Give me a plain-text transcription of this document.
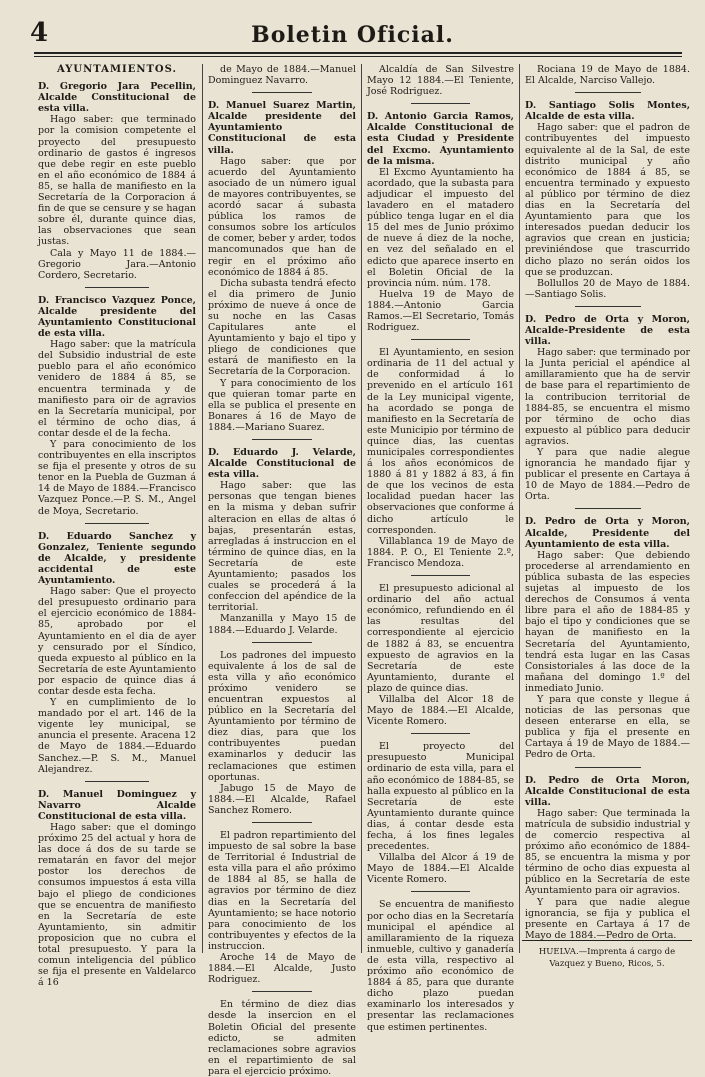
4	Boletin Oficial.
AYUNTAMIENTOS.

D. Gregorio Jara Pecellin, Alcalde Constitucional de esta villa.

Hago saber: que terminado por la comision competente el proyecto del presupuesto ordinario de gastos é ingresos que debe regir en este pueblo en el año económico de 1884 á 85, se halla de manifiesto en la Secretaría de la Corporacion á fin de que se censure y se hagan sobre él, durante quince dias, las observaciones que sean justas.

Cala y Mayo 11 de 1884.—Gregorio Jara.—Antonio Cordero, Secretario.

D. Francisco Vazquez Ponce, Alcalde presidente del Ayuntamiento Constitucional de esta villa.

Hago saber: que la matrícula del Subsidio industrial de este pueblo para el año económico venidero de 1884 á 85, se encuentra terminada y de manifiesto para oir de agravios en la Secretaría municipal, por el término de ocho dias, á contar desde el de la fecha.

Y para conocimiento de los contribuyentes en ella inscriptos se fija el presente y otros de su tenor en la Puebla de Guzman á 14 de Mayo de 1884.—Francisco Vazquez Ponce.—P. S. M., Angel de Moya, Secretario.

D. Eduardo Sanchez y Gonzalez, Teniente segundo de Alcalde, y presidente accidental de este Ayuntamiento.

Hago saber: Que el proyecto del presupuesto ordinario para el ejercicio económico de 1884-85, aprobado por el Ayuntamiento en el dia de ayer y censurado por el Síndico, queda expuesto al público en la Secretaría de este Ayuntamiento por espacio de quince dias á contar desde esta fecha.

Y en cumplimiento de lo mandado por el art. 146 de la vigente ley municipal, se anuncia el presente. Aracena 12 de Mayo de 1884.—Eduardo Sanchez.—P. S. M., Manuel Alejandrez.

D. Manuel Dominguez y Navarro Alcalde Constitucional de esta villa.

Hago saber: que el domingo próximo 25 del actual y hora de las doce á dos de su tarde se rematarán en favor del mejor postor los derechos de consumos impuestos á esta villa bajo el pliego de condiciones que se encuentra de manifiesto en la Secretaría de este Ayuntamiento, sin admitir proposicion que no cubra el total presupuesto. Y para la comun inteligencia del público se fija el presente en Valdelarco á 16

de Mayo de 1884.—Manuel Dominguez Navarro.

D. Manuel Suarez Martin, Alcalde presidente del Ayuntamiento Constitucional de esta villa.

Hago saber: que por acuerdo del Ayuntamiento asociado de un número igual de mayores contribuyentes, se acordó sacar á subasta pública los ramos de consumos sobre los artículos de comer, beber y arder, todos mancomunados que han de regir en el próximo año económico de 1884 á 85.

Dicha subasta tendrá efecto el dia primero de Junio próximo de nueve á once de su noche en las Casas Capitulares ante el Ayuntamiento y bajo el tipo y pliego de condiciones que estará de manifiesto en la Secretaría de la Corporacion.

Y para conocimiento de los que quieran tomar parte en ella se publica el presente en Bonares á 16 de Mayo de 1884.—Mariano Suarez.

D. Eduardo J. Velarde, Alcalde Constitucional de esta villa.

Hago saber: que las personas que tengan bienes en la misma y deban sufrir alteracion en ellas de altas ó bajas, presentarán estas, arregladas á instruccion en el término de quince dias, en la Secretaría de este Ayuntamiento; pasados los cuales se procederá á la confeccion del apéndice de la territorial.

Manzanilla y Mayo 15 de 1884.—Eduardo J. Velarde.

Los padrones del impuesto equivalente á los de sal de esta villa y año económico próximo venidero se encuentran expuestos al público en la Secretaría del Ayuntamiento por término de diez dias, para que los contribuyentes puedan examinarlos y deducir las reclamaciones que estimen oportunas.

Jabugo 15 de Mayo de 1884.—El Alcalde, Rafael Sanchez Romero.

El padron repartimiento del impuesto de sal sobre la base de Territorial é Industrial de esta villa para el año próximo de 1884 al 85, se halla de agravios por término de diez dias en la Secretaría del Ayuntamiento; se hace notorio para conocimiento de los contribuyentes y efectos de la instruccion.

Aroche 14 de Mayo de 1884.—El Alcalde, Justo Rodriguez.

En término de diez dias desde la insercion en el Boletin Oficial del presente edicto, se admiten reclamaciones sobre agravios en el repartimiento de sal para el ejercicio próximo.

Alcaldía de San Silvestre Mayo 12 1884.—El Teniente, José Rodriguez.

D. Antonio Garcia Ramos, Alcalde Constitucional de esta Ciudad y Presidente del Excmo. Ayuntamiento de la misma.

El Excmo Ayuntamiento ha acordado, que la subasta para adjudicar el impuesto del lavadero en el matadero público tenga lugar en el dia 15 del mes de Junio próximo de nueve á diez de la noche, en vez del señalado en el edicto que aparece inserto en el Boletin Oficial de la provincia núm. núm. 178.

Huelva 19 de Mayo de 1884.—Antonio Garcia Ramos.—El Secretario, Tomás Rodriguez.

El Ayuntamiento, en sesion ordinaria de 11 del actual y de conformidad á lo prevenido en el artículo 161 de la Ley municipal vigente, ha acordado se ponga de manifiesto en la Secretaría de este Municipio por término de quince dias, las cuentas municipales correspondientes á los años económicos de 1880 á 81 y 1882 á 83, á fin de que los vecinos de esta localidad puedan hacer las observaciones que conforme á dicho artículo le corresponden.

Villablanca 19 de Mayo de 1884. P. O., El Teniente 2.º, Francisco Mendoza.

El presupuesto adicional al ordinario del año actual económico, refundiendo en él las resultas del correspondiente al ejercicio de 1882 á 83, se encuentra expuesto de agravios en la Secretaría de este Ayuntamiento, durante el plazo de quince dias.

Villalba del Alcor 18 de Mayo de 1884.—El Alcalde, Vicente Romero.

El proyecto del presupuesto Municipal ordinario de esta villa, para el año económico de 1884-85, se halla expuesto al público en la Secretaría de este Ayuntamiento durante quince dias, á contar desde esta fecha, á los fines legales precedentes.

Villalba del Alcor á 19 de Mayo de 1884.—El Alcalde Vicente Romero.

Se encuentra de manifiesto por ocho dias en la Secretaría municipal el apéndice al amillaramiento de la riqueza inmueble, cultivo y ganadería de esta villa, respectivo al próximo año económico de 1884 á 85, para que durante dicho plazo puedan examinarlo los interesados y presentar las reclamaciones que estimen pertinentes.

Rociana 19 de Mayo de 1884. El Alcalde, Narciso Vallejo.

D. Santiago Solis Montes, Alcalde de esta villa.

Hago saber: que el padron de contribuyentes del impuesto equivalente al de la Sal, de este distrito municipal y año económico de 1884 á 85, se encuentra terminado y expuesto al público por término de diez dias en la Secretaría del Ayuntamiento para que los interesados puedan deducir los agravios que crean en justicia; previniéndose que trascurrido dicho plazo no serán oidos los que se produzcan.

Bollullos 20 de Mayo de 1884.—Santiago Solis.

D. Pedro de Orta y Moron, Alcalde-Presidente de esta villa.

Hago saber: que terminado por la Junta pericial el apéndice al amillaramiento que ha de servir de base para el repartimiento de la contribucion territorial de 1884-85, se encuentra el mismo por término de ocho dias expuesto al público para deducir agravios.

Y para que nadie alegue ignorancia he mandado fijar y publicar el presente en Cartaya á 10 de Mayo de 1884.—Pedro de Orta.

D. Pedro de Orta y Moron, Alcalde, Presidente del Ayuntamiento de esta villa.

Hago saber: Que debiendo procederse al arrendamiento en pública subasta de las especies sujetas al impuesto de los derechos de Consumos á venta libre para el año de 1884-85 y bajo el tipo y condiciones que se hayan de manifiesto en la Secretaría del Ayuntamiento, tendrá esta lugar en las Casas Consistoriales á las doce de la mañana del domingo 1.º del inmediato Junio.

Y para que conste y llegue á noticias de las personas que deseen enterarse en ella, se publica y fija el presente en Cartaya á 19 de Mayo de 1884.—Pedro de Orta.

D. Pedro de Orta Moron, Alcalde Constitucional de esta villa.

Hago saber: Que terminada la matrícula de subsidio industrial y de comercio respectiva al próximo año económico de 1884-85, se encuentra la misma y por término de ocho dias expuesta al público en la Secretaría de este Ayuntamiento para oir agravios.

Y para que nadie alegue ignorancia, se fija y publica el presente en Cartaya á 17 de Mayo de 1884.—Pedro de Orta.

HUELVA.—Imprenta á cargo de Vazquez y Bueno, Ricos, 5.
